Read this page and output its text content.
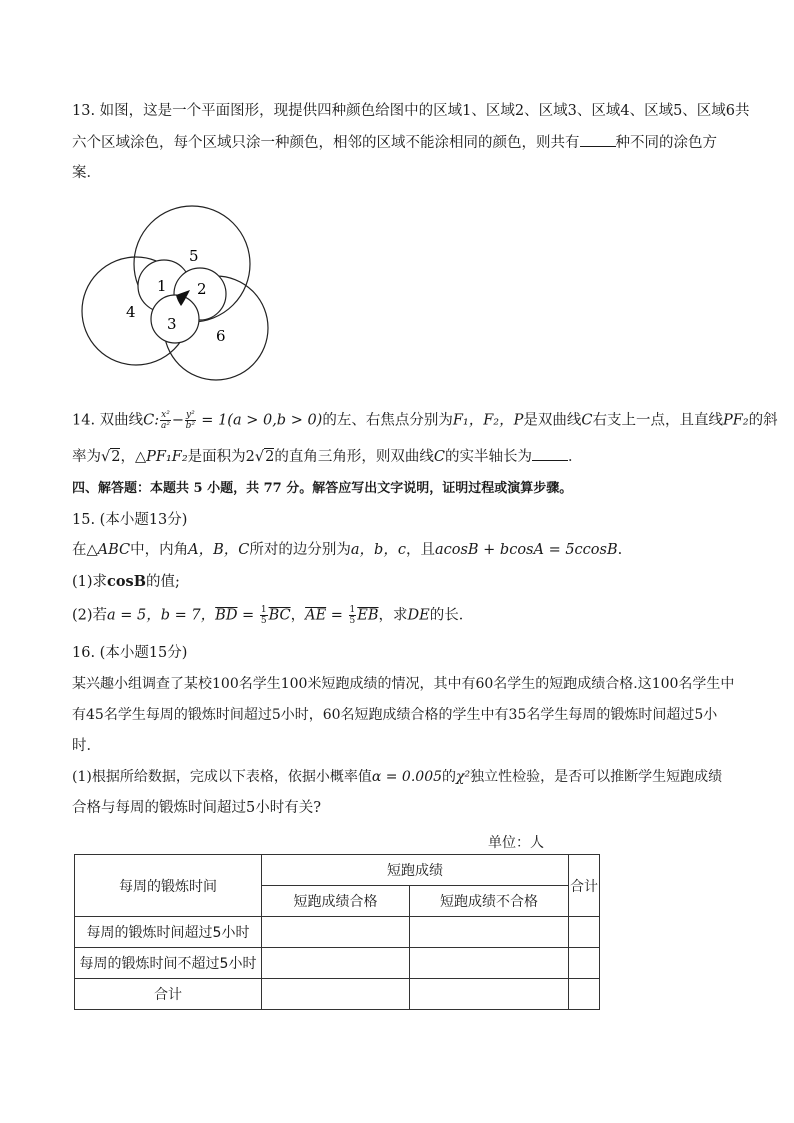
13. 如图，这是一个平面图形，现提供四种颜色给图中的区域1、区域2、区域3、区域4、区域5、区域6共
六个区域涂色，每个区域只涂一种颜色，相邻的区域不能涂相同的颜色，则共有 种不同的涂色方
案．
5
1 2
3
4
6
14. 双曲线C: $\frac{\text{x²}}{\text{a²}} - \frac{\text{y²}}{\text{b²}} = 1(a > 0,b > 0)$的左、右焦点分别为F₁，F₂，P是双曲线C右支上一点，且直线PF₂的斜
率为√2，△PF₁F₂是面积为2√2的直角三角形，则双曲线C的实半轴长为 ．
四、解答题：本题共 5 小题，共 77 分。解答应写出文字说明，证明过程或演算步骤。
15. (本小题13分)
在△ABC中，内角A，B，C所对的边分别为a，b，c，且acosB + bcosA = 5ccosB.
(1)求cosB的值;
(2)若a = 5，b = 7，$\overline{BD} = \frac{1}{5} \overline{BC}$，$\overline{AE} = \frac{1}{5} \overline{EB}$，求DE的长．
16. (本小题15分)
某兴趣小组调查了某校100名学生100米短跑成绩的情况，其中有60名学生的短跑成绩合格.这100名学生中
有45名学生每周的锻炼时间超过5小时，60名短跑成绩合格的学生中有35名学生每周的锻炼时间超过5小
时．
(1)根据所给数据，完成以下表格，依据小概率值α = 0.005的χ²独立性检验，是否可以推断学生短跑成绩
合格与每周的锻炼时间超过5小时有关?
单位：人
每周的锻炼时间	短跑成绩		合计
	短跑成绩合格	短跑成绩不合格	
每周的锻炼时间超过5小时			
每周的锻炼时间不超过5小时			
合计			
